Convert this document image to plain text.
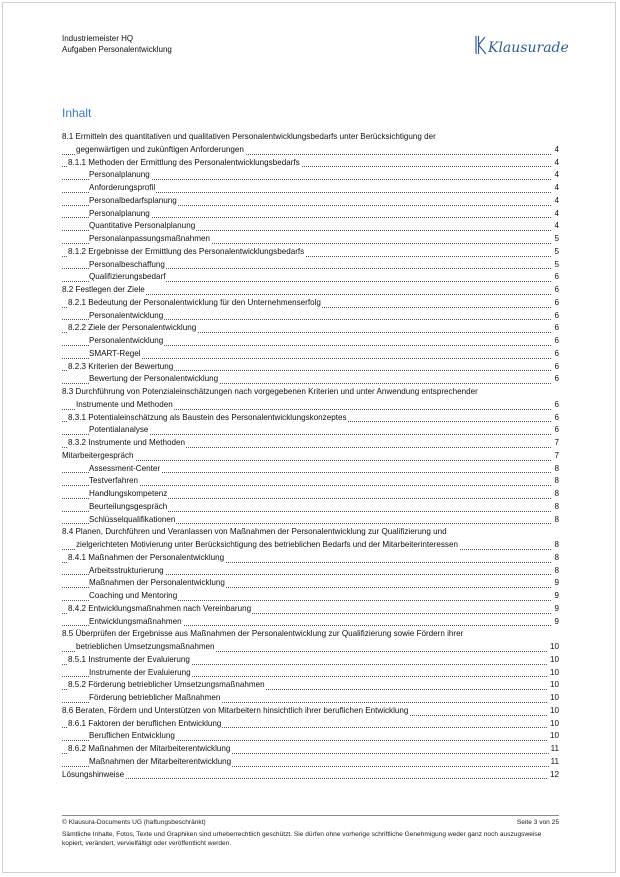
Industriemeister HQ
Aufgaben Personalentwicklung	Klausurade
Inhalt
8.1 Ermitteln des quantitativen und qualitativen Personalentwicklungsbedarfs unter Berücksichtigung der
gegenwärtigen und zukünftigen Anforderungen	4
8.1.1 Methoden der Ermittlung des Personalentwicklungsbedarfs	4
Personalplanung	4
Anforderungsprofil	4
Personalbedarfsplanung	4
Personalplanung	4
Quantitative Personalplanung	4
Personalanpassungsmaßnahmen	5
8.1.2 Ergebnisse der Ermittlung des Personalentwicklungsbedarfs	5
Personalbeschaffung	5
Qualifizierungsbedarf	6
8.2 Festlegen der Ziele	6
8.2.1 Bedeutung der Personalentwicklung für den Unternehmenserfolg	6
Personalentwicklung	6
8.2.2 Ziele der Personalentwicklung	6
Personalentwicklung	6
SMART-Regel	6
8.2.3 Kriterien der Bewertung	6
Bewertung der Personalentwicklung	6
8.3 Durchführung von Potenzialeinschätzungen nach vorgegebenen Kriterien und unter Anwendung entsprechender
Instrumente und Methoden	6
8.3.1 Potentialeinschätzung als Baustein des Personalentwicklungskonzeptes	6
Potentialanalyse	6
8.3.2 Instrumente und Methoden	7
Mitarbeitergespräch	7
Assessment-Center	8
Testverfahren	8
Handlungskompetenz	8
Beurteilungsgespräch	8
Schlüsselqualifikationen	8
8.4 Planen, Durchführen und Veranlassen von Maßnahmen der Personalentwicklung zur Qualifizierung und
zielgerichteten Motivierung unter Berücksichtigung des betrieblichen Bedarfs und der Mitarbeiterinteressen	8
8.4.1 Maßnahmen der Personalentwicklung	8
Arbeitsstrukturierung	8
Maßnahmen der Personalentwicklung	9
Coaching und Mentoring	9
8.4.2 Entwicklungsmaßnahmen nach Vereinbarung	9
Entwicklungsmaßnahmen	9
8.5 Überprüfen der Ergebnisse aus Maßnahmen der Personalentwicklung zur Qualifizierung sowie Fördern ihrer
betrieblichen Umsetzungsmaßnahmen	10
8.5.1 Instrumente der Evaluierung	10
Instrumente der Evaluierung	10
8.5.2 Förderung betrieblicher Umsetzungsmaßnahmen	10
Förderung betrieblicher Maßnahmen	10
8.6 Beraten, Fördern und Unterstützen von Mitarbeitern hinsichtlich ihrer beruflichen Entwicklung	10
8.6.1 Faktoren der beruflichen Entwicklung	10
Beruflichen Entwicklung	10
8.6.2 Maßnahmen der Mitarbeiterentwicklung	11
Maßnahmen der Mitarbeiterentwicklung	11
Lösungshinweise	12
© Klausura-Documents UG (haftungsbeschränkt)	Seite 3 von 25
Sämtliche Inhalte, Fotos, Texte und Graphiken sind urheberrechtlich geschützt. Sie dürfen ohne vorherige schriftliche Genehmigung weder ganz noch auszugsweise kopiert, verändert, vervielfältigt oder veröffentlicht werden.
